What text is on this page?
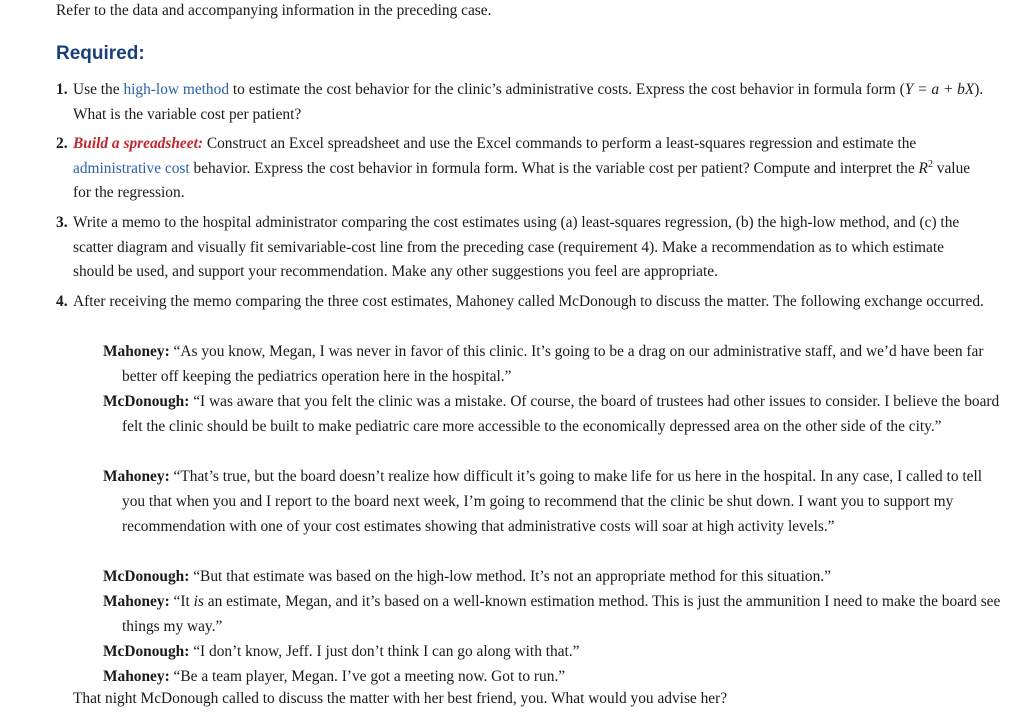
Refer to the data and accompanying information in the preceding case.
Required:
1. Use the high-low method to estimate the cost behavior for the clinic’s administrative costs. Express the cost behavior in formula form (Y = a + bX). What is the variable cost per patient?
2. Build a spreadsheet: Construct an Excel spreadsheet and use the Excel commands to perform a least-squares regression and estimate the administrative cost behavior. Express the cost behavior in formula form. What is the variable cost per patient? Compute and interpret the $R^2$ value for the regression.
3. Write a memo to the hospital administrator comparing the cost estimates using (a) least-squares regression, (b) the high-low method, and (c) the scatter diagram and visually fit semivariable-cost line from the preceding case (requirement 4). Make a recommendation as to which estimate should be used, and support your recommendation. Make any other suggestions you feel are appropriate.
4. After receiving the memo comparing the three cost estimates, Mahoney called McDonough to discuss the matter. The following exchange occurred.
Mahoney: “As you know, Megan, I was never in favor of this clinic. It’s going to be a drag on our administrative staff, and we’d have been far better off keeping the pediatrics operation here in the hospital.”
McDonough: “I was aware that you felt the clinic was a mistake. Of course, the board of trustees had other issues to consider. I believe the board felt the clinic should be built to make pediatric care more accessible to the economically depressed area on the other side of the city.”
Mahoney: “That’s true, but the board doesn’t realize how difficult it’s going to make life for us here in the hospital. In any case, I called to tell you that when you and I report to the board next week, I’m going to recommend that the clinic be shut down. I want you to support my recommendation with one of your cost estimates showing that administrative costs will soar at high activity levels.”
McDonough: “But that estimate was based on the high-low method. It’s not an appropriate method for this situation.”
Mahoney: “It is an estimate, Megan, and it’s based on a well-known estimation method. This is just the ammunition I need to make the board see things my way.”
McDonough: “I don’t know, Jeff. I just don’t think I can go along with that.”
Mahoney: “Be a team player, Megan. I’ve got a meeting now. Got to run.”
That night McDonough called to discuss the matter with her best friend, you. What would you advise her?
